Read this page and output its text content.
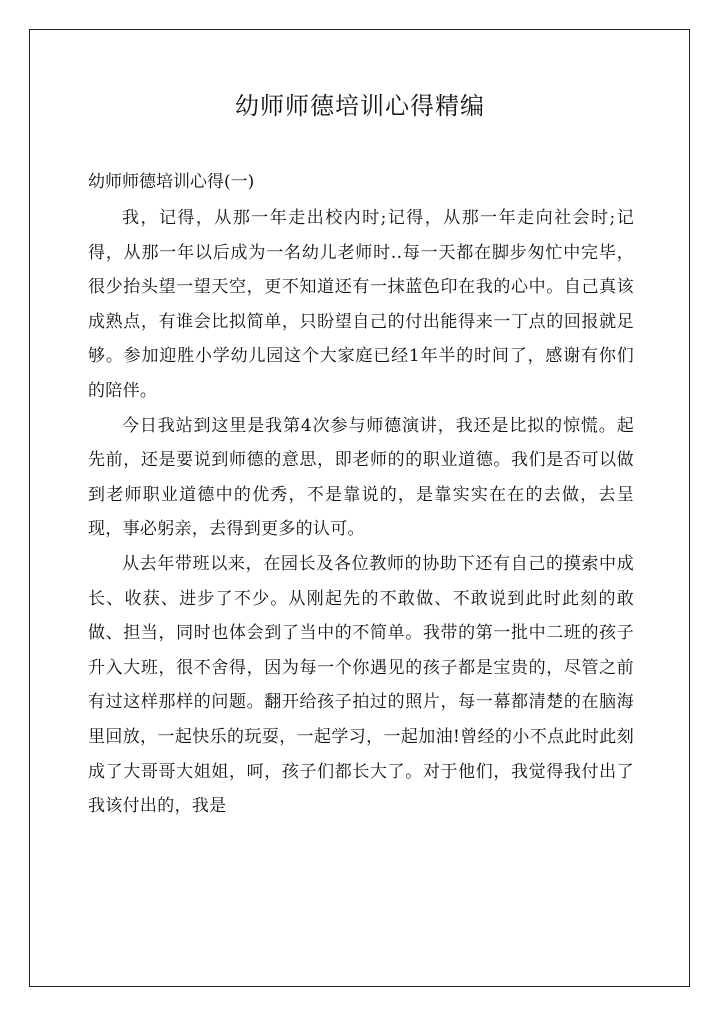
幼师师德培训心得精编
幼师师德培训心得(一)

我，记得，从那一年走出校内时;记得，从那一年走向社会时;记得，从那一年以后成为一名幼儿老师时..每一天都在脚步匆忙中完毕，很少抬头望一望天空，更不知道还有一抹蓝色印在我的心中。自己真该成熟点，有谁会比拟简单，只盼望自己的付出能得来一丁点的回报就足够。参加迎胜小学幼儿园这个大家庭已经1年半的时间了，感谢有你们的陪伴。

今日我站到这里是我第4次参与师德演讲，我还是比拟的惊慌。起先前，还是要说到师德的意思，即老师的的职业道德。我们是否可以做到老师职业道德中的优秀，不是靠说的，是靠实实在在的去做，去呈现，事必躬亲，去得到更多的认可。

从去年带班以来，在园长及各位教师的协助下还有自己的摸索中成长、收获、进步了不少。从刚起先的不敢做、不敢说到此时此刻的敢做、担当，同时也体会到了当中的不简单。我带的第一批中二班的孩子升入大班，很不舍得，因为每一个你遇见的孩子都是宝贵的，尽管之前有过这样那样的问题。翻开给孩子拍过的照片，每一幕都清楚的在脑海里回放，一起快乐的玩耍，一起学习，一起加油!曾经的小不点此时此刻成了大哥哥大姐姐，呵，孩子们都长大了。对于他们，我觉得我付出了我该付出的，我是
